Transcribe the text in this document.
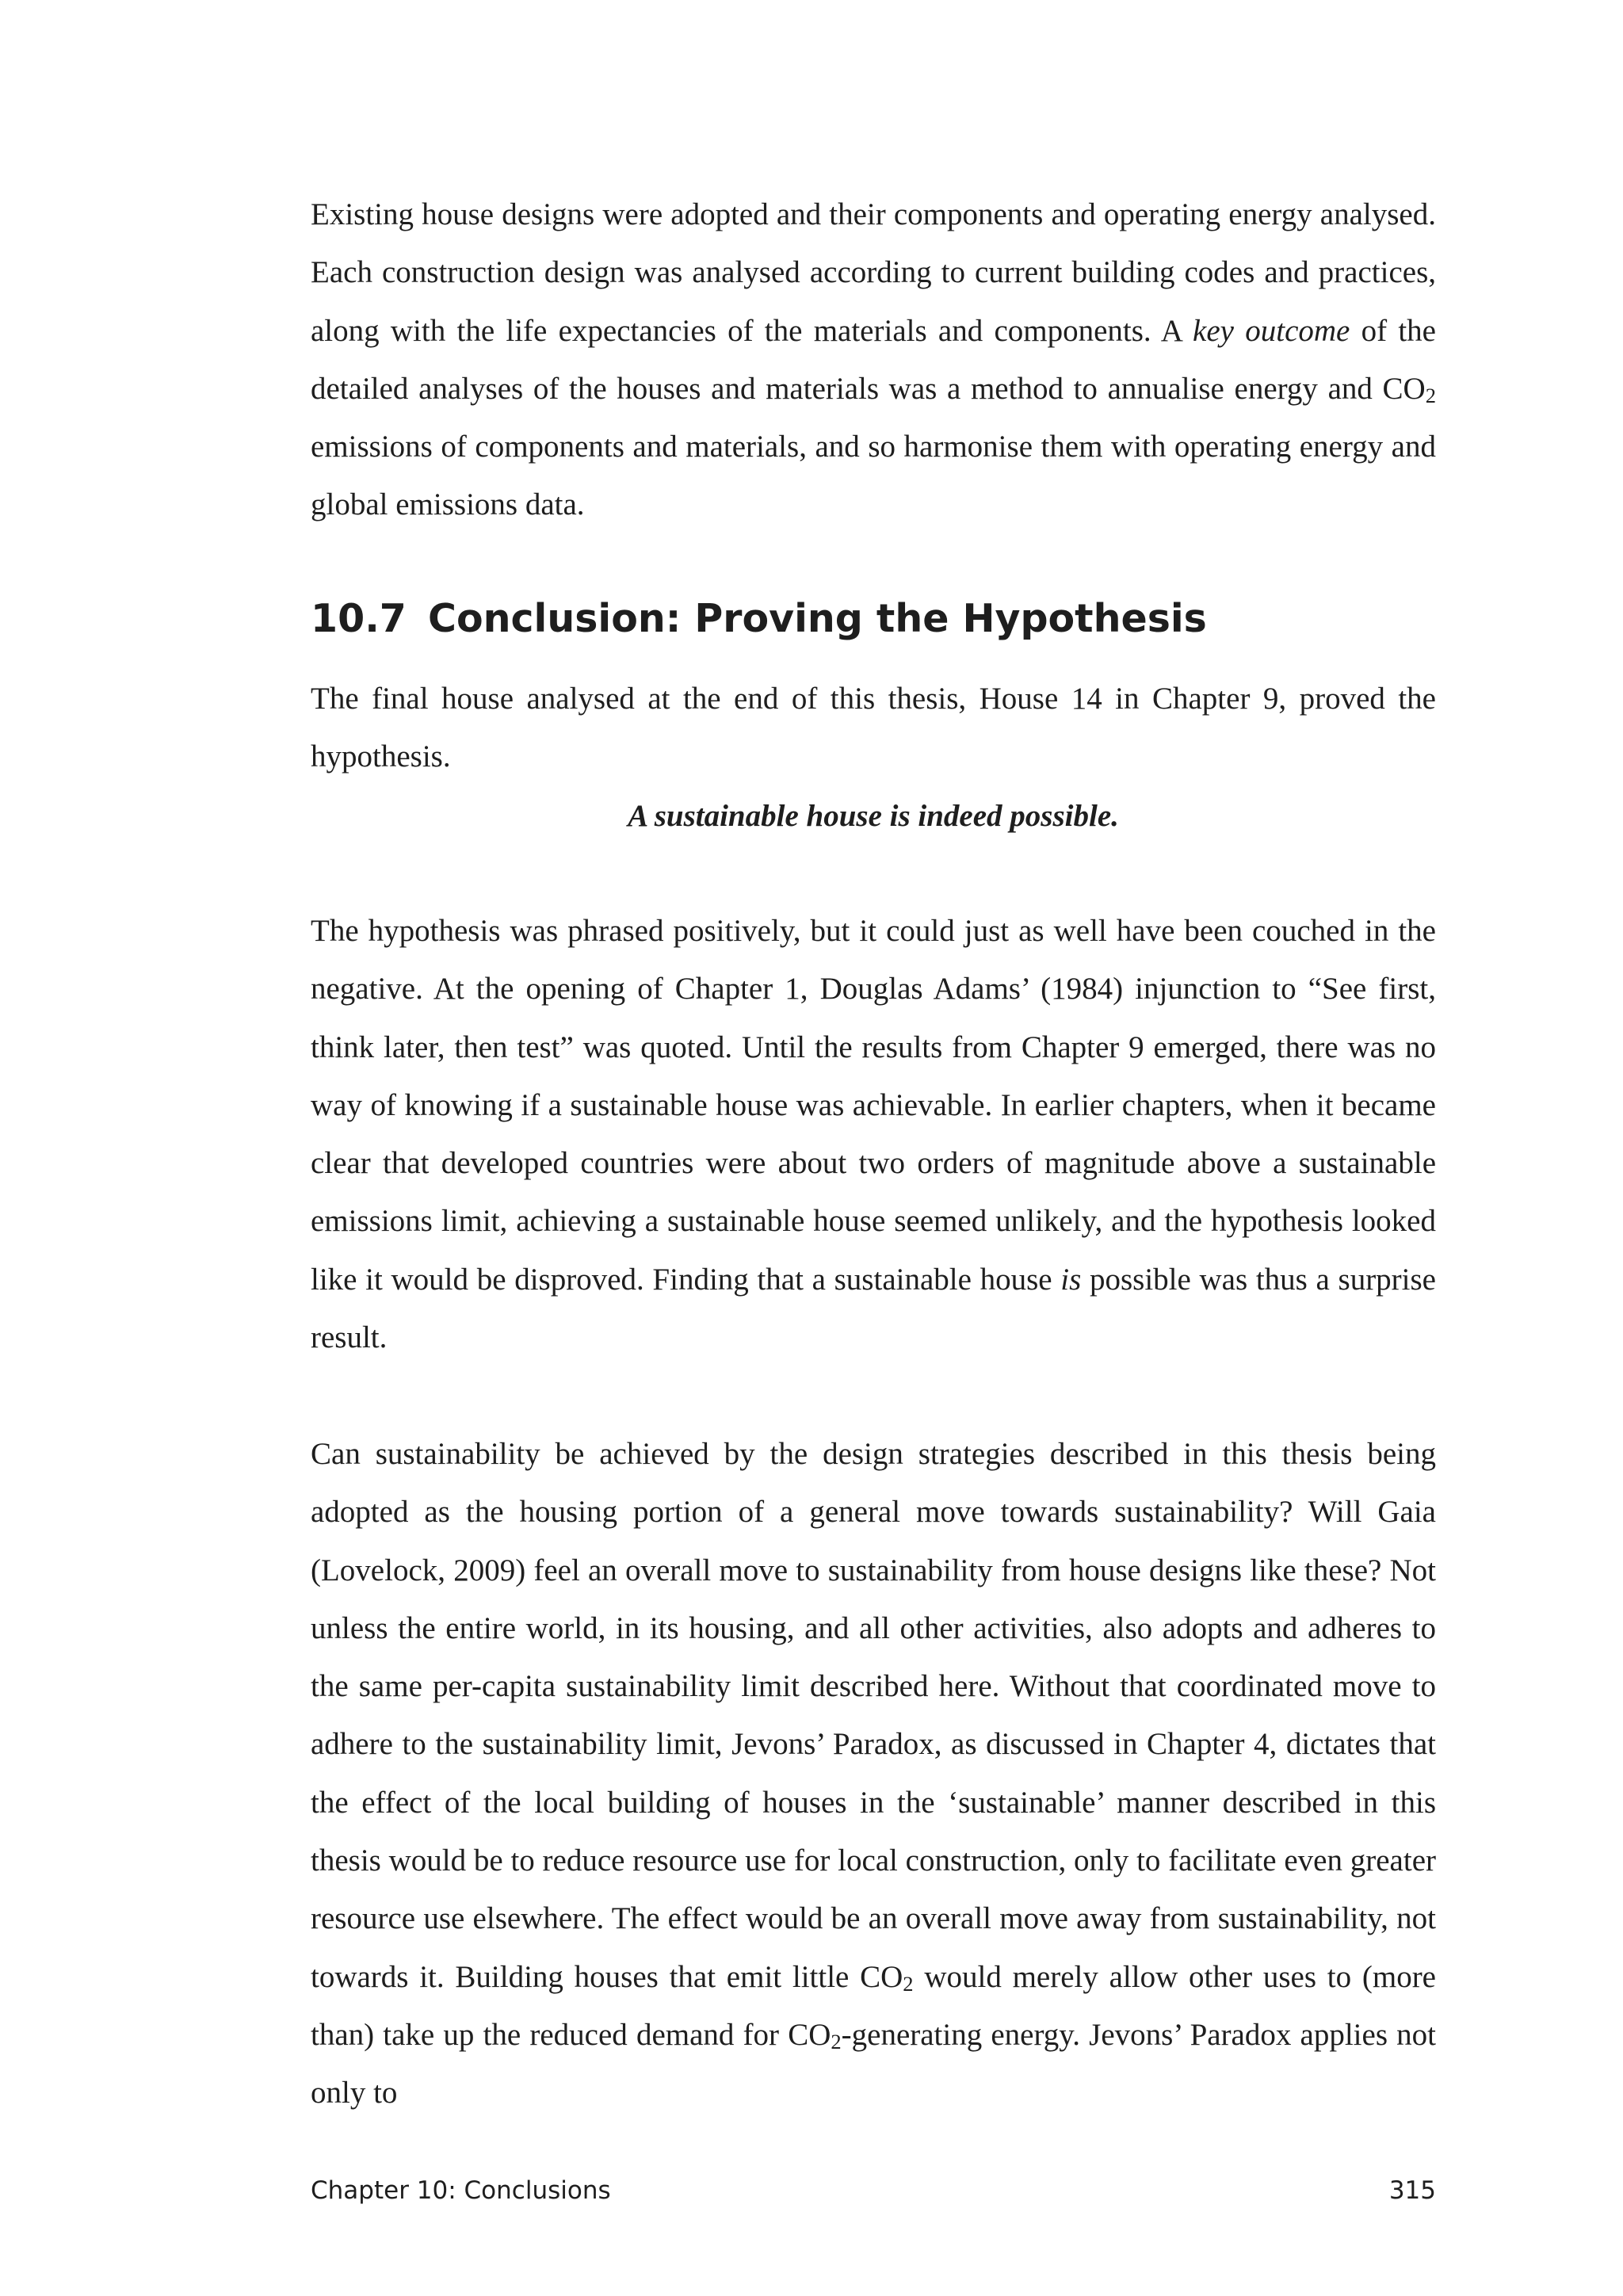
Existing house designs were adopted and their components and operating energy analysed. Each construction design was analysed according to current building codes and practices, along with the life expectancies of the materials and components. A key outcome of the detailed analyses of the houses and materials was a method to annualise energy and $CO_2$ emissions of components and materials, and so harmonise them with operating energy and global emissions data.

10.7 Conclusion: Proving the Hypothesis

The final house analysed at the end of this thesis, House 14 in Chapter 9, proved the hypothesis.

A sustainable house is indeed possible.

The hypothesis was phrased positively, but it could just as well have been couched in the negative. At the opening of Chapter 1, Douglas Adams’ (1984) injunction to “See first, think later, then test” was quoted. Until the results from Chapter 9 emerged, there was no way of knowing if a sustainable house was achievable. In earlier chapters, when it became clear that developed countries were about two orders of magnitude above a sustainable emissions limit, achieving a sustainable house seemed unlikely, and the hypothesis looked like it would be disproved. Finding that a sustainable house is possible was thus a surprise result.

Can sustainability be achieved by the design strategies described in this thesis being adopted as the housing portion of a general move towards sustainability? Will Gaia (Lovelock, 2009) feel an overall move to sustainability from house designs like these? Not unless the entire world, in its housing, and all other activities, also adopts and adheres to the same per-capita sustainability limit described here. Without that coordinated move to adhere to the sustainability limit, Jevons’ Paradox, as discussed in Chapter 4, dictates that the effect of the local building of houses in the ‘sustainable’ manner described in this thesis would be to reduce resource use for local construction, only to facilitate even greater resource use elsewhere. The effect would be an overall move away from sustainability, not towards it. Building houses that emit little $CO_2$ would merely allow other uses to (more than) take up the reduced demand for $CO_2$-generating energy. Jevons’ Paradox applies not only to

Chapter 10: Conclusions	315
